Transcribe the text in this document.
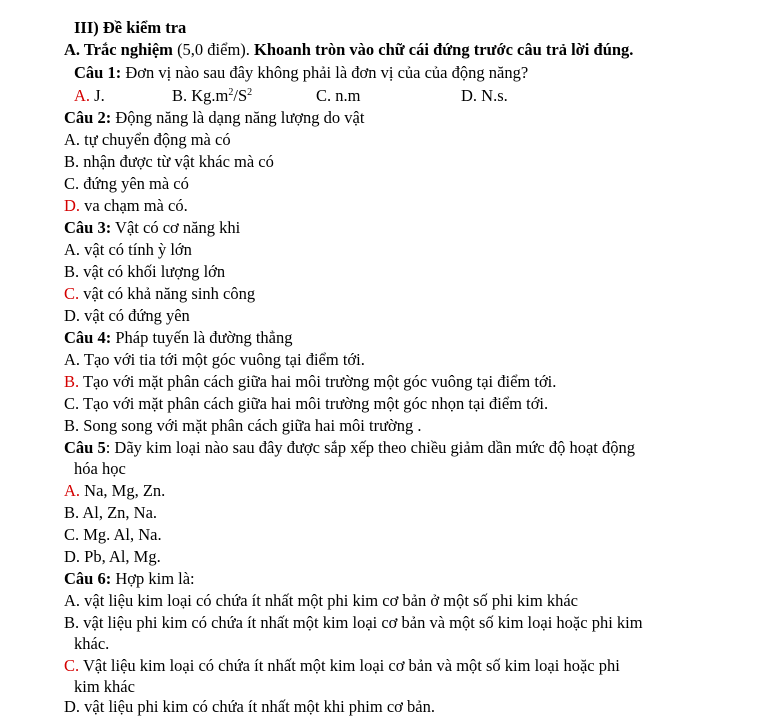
III) Đề kiểm tra
A. Trắc nghiệm (5,0 điểm). Khoanh tròn vào chữ cái đứng trước câu trả lời đúng.
Câu 1: Đơn vị nào sau đây không phải là đơn vị của của động năng?
A. J.	B. $Kg.m^2/S^2$	C. n.m	D. N.s.
Câu 2: Động năng là dạng năng lượng do vật
A. tự chuyển động mà có
B. nhận được từ vật khác mà có
C. đứng yên mà có
D. va chạm mà có.
Câu 3: Vật có cơ năng khi
A. vật có tính ỳ lớn
B. vật có khối lượng lớn
C. vật có khả năng sinh công
D. vật có đứng yên
Câu 4: Pháp tuyến là đường thẳng
A. Tạo với tia tới một góc vuông tại điểm tới.
B. Tạo với mặt phân cách giữa hai môi trường một góc vuông tại điểm tới.
C. Tạo với mặt phân cách giữa hai môi trường một góc nhọn tại điểm tới.
B. Song song với mặt phân cách giữa hai môi trường .
Câu 5: Dãy kim loại nào sau đây được sắp xếp theo chiều giảm dần mức độ hoạt động
hóa học
A. Na, Mg, Zn.
B. Al, Zn, Na.
C. Mg. Al, Na.
D. Pb, Al, Mg.
Câu 6: Hợp kim là:
A. vật liệu kim loại có chứa ít nhất một phi kim cơ bản ở một số phi kim khác
B. vật liệu phi kim có chứa ít nhất một kim loại cơ bản và một số kim loại hoặc phi kim
khác.
C. Vật liệu kim loại có chứa ít nhất một kim loại cơ bản và một số kim loại hoặc phi
kim khác
D. vật liệu phi kim có chứa ít nhất một khi phim cơ bản.
